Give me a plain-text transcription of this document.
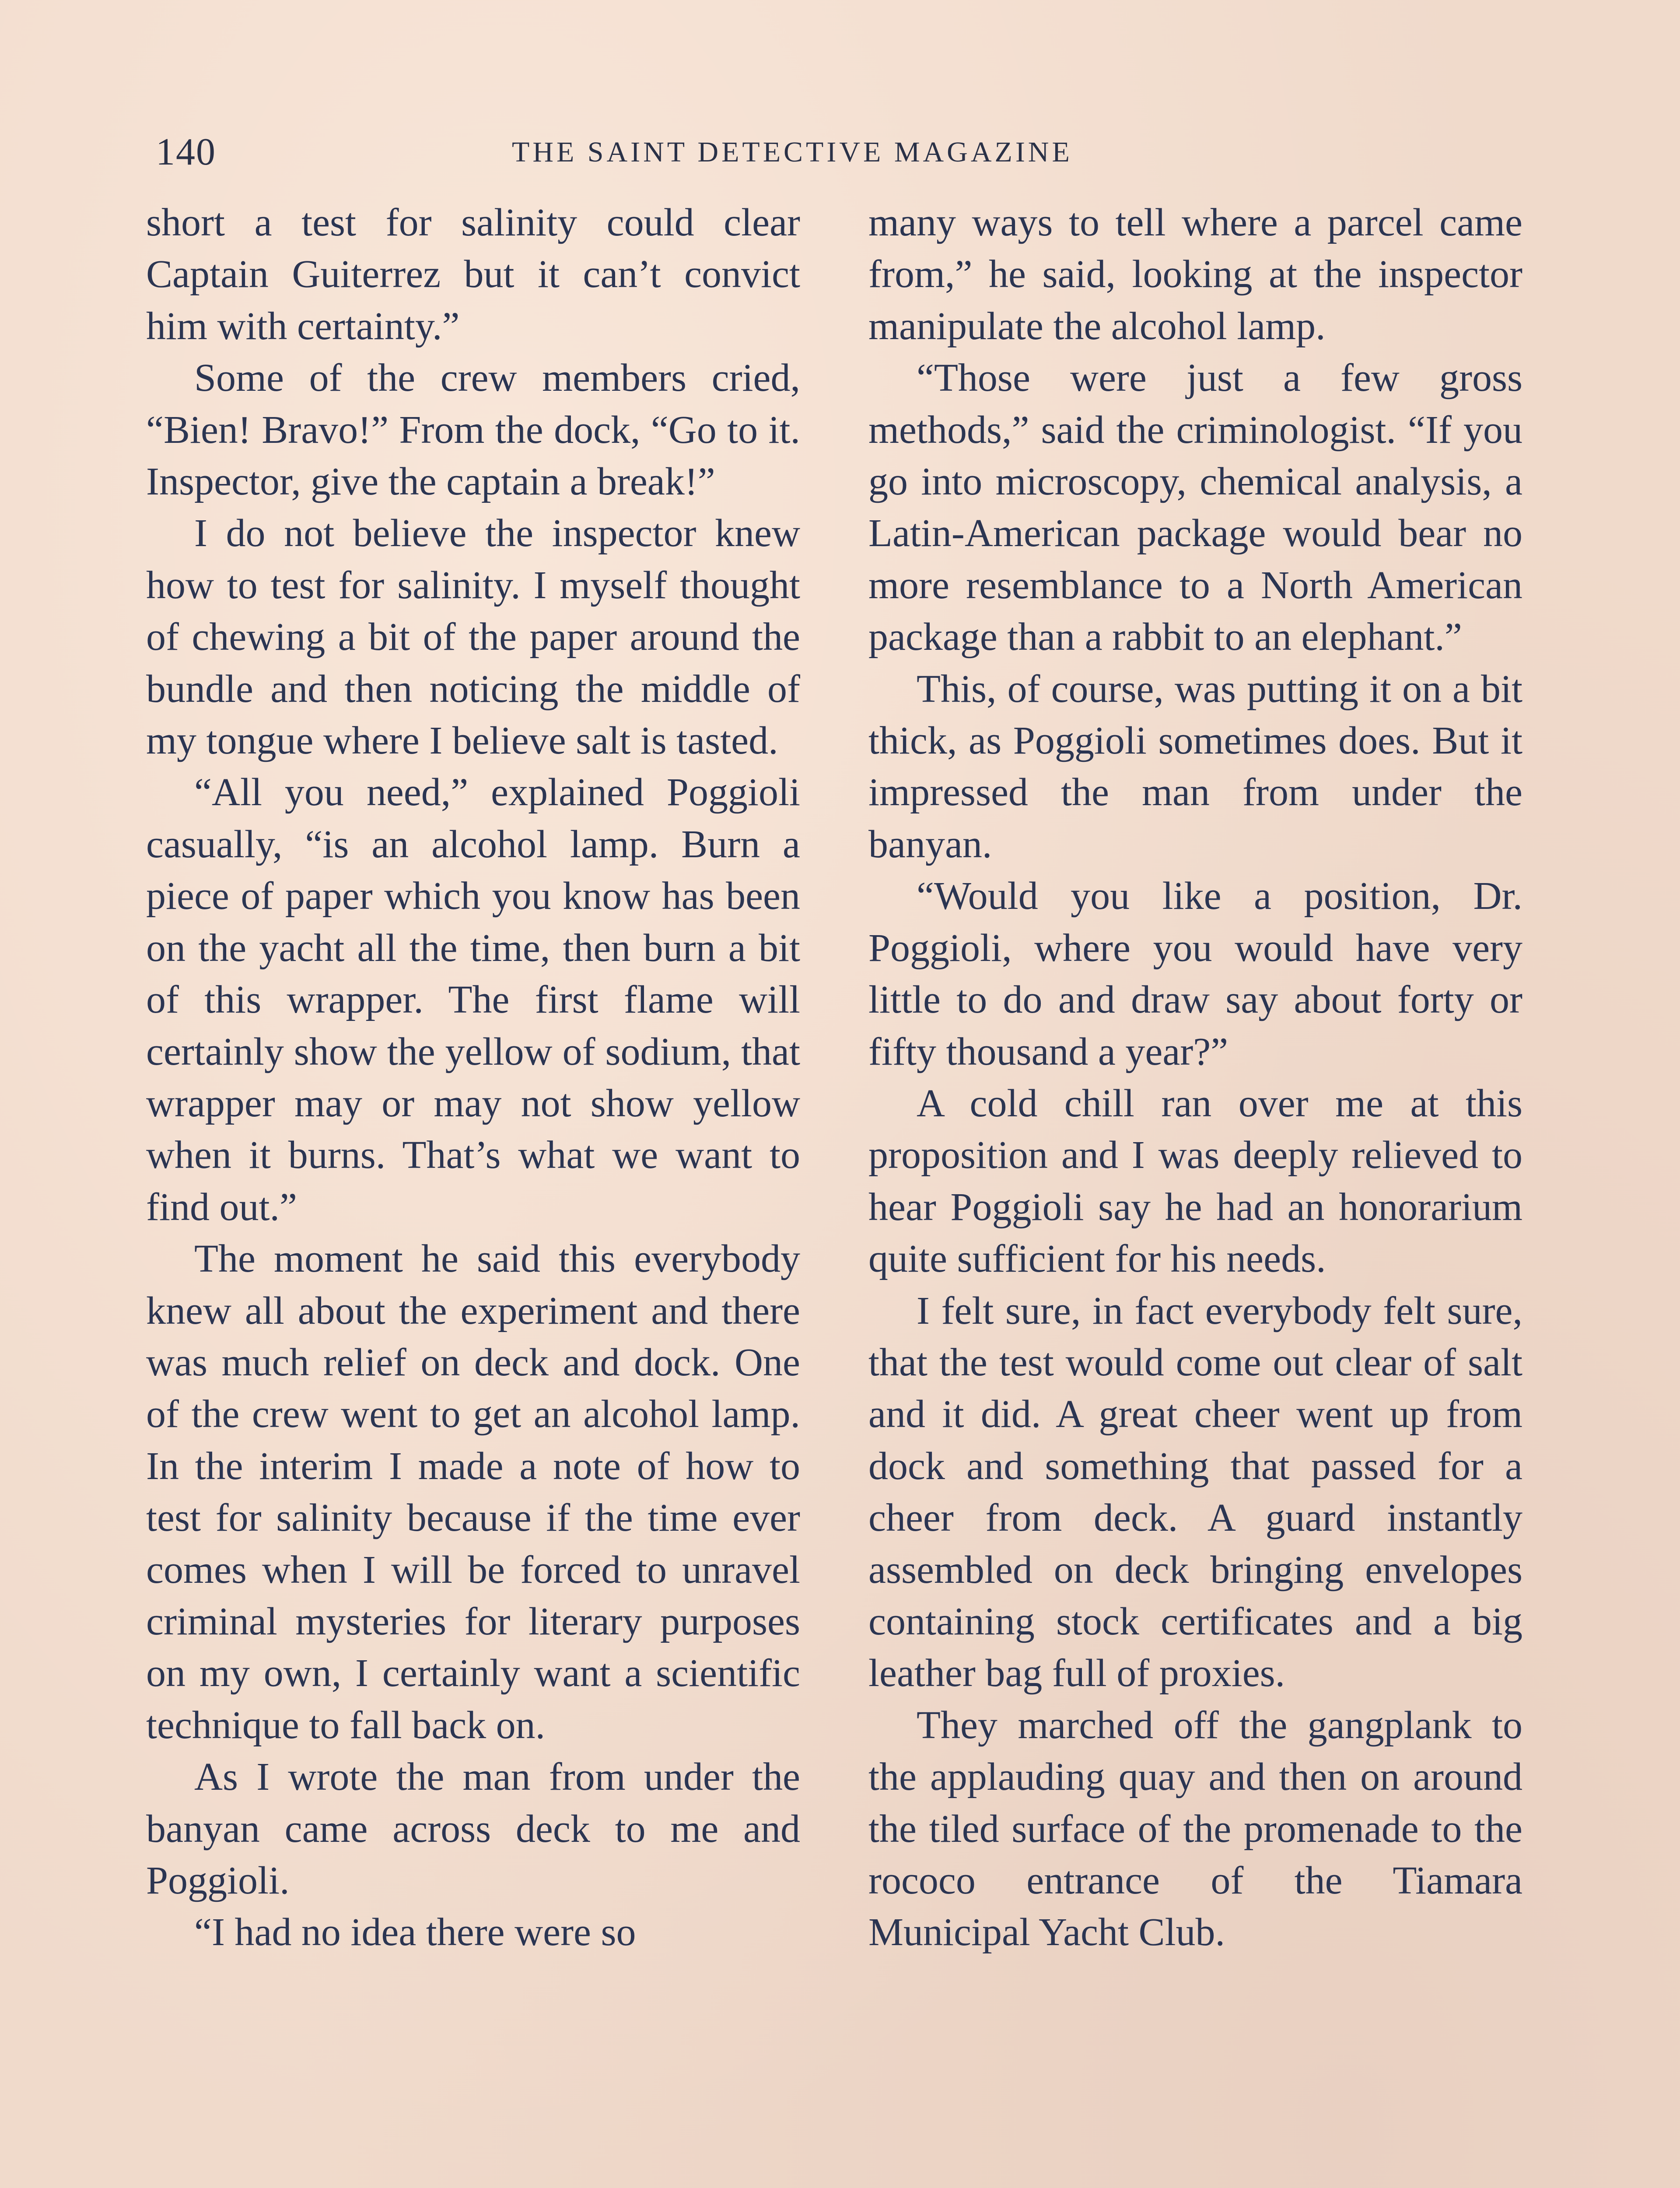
140	THE SAINT DETECTIVE MAGAZINE

short a test for salinity could clear Captain Guiterrez but it can’t convict him with certainty.”

Some of the crew members cried, “Bien! Bravo!” From the dock, “Go to it. Inspector, give the captain a break!”

I do not believe the inspector knew how to test for salinity. I myself thought of chewing a bit of the paper around the bundle and then noticing the middle of my tongue where I believe salt is tasted.

“All you need,” explained Poggioli casually, “is an alcohol lamp. Burn a piece of paper which you know has been on the yacht all the time, then burn a bit of this wrapper. The first flame will certainly show the yellow of sodium, that wrapper may or may not show yellow when it burns. That’s what we want to find out.”

The moment he said this everybody knew all about the experiment and there was much relief on deck and dock. One of the crew went to get an alcohol lamp. In the interim I made a note of how to test for salinity because if the time ever comes when I will be forced to unravel criminal mysteries for literary purposes on my own, I certainly want a scientific technique to fall back on.

As I wrote the man from under the banyan came across deck to me and Poggioli.

“I had no idea there were so

many ways to tell where a parcel came from,” he said, looking at the inspector manipulate the alcohol lamp.

“Those were just a few gross methods,” said the criminologist. “If you go into microscopy, chemical analysis, a Latin-American package would bear no more resemblance to a North American package than a rabbit to an elephant.”

This, of course, was putting it on a bit thick, as Poggioli sometimes does. But it impressed the man from under the banyan.

“Would you like a position, Dr. Poggioli, where you would have very little to do and draw say about forty or fifty thousand a year?”

A cold chill ran over me at this proposition and I was deeply relieved to hear Poggioli say he had an honorarium quite sufficient for his needs.

I felt sure, in fact everybody felt sure, that the test would come out clear of salt and it did. A great cheer went up from dock and something that passed for a cheer from deck. A guard instantly assembled on deck bringing envelopes containing stock certificates and a big leather bag full of proxies.

They marched off the gangplank to the applauding quay and then on around the tiled surface of the promenade to the rococo entrance of the Tiamara Municipal Yacht Club.
